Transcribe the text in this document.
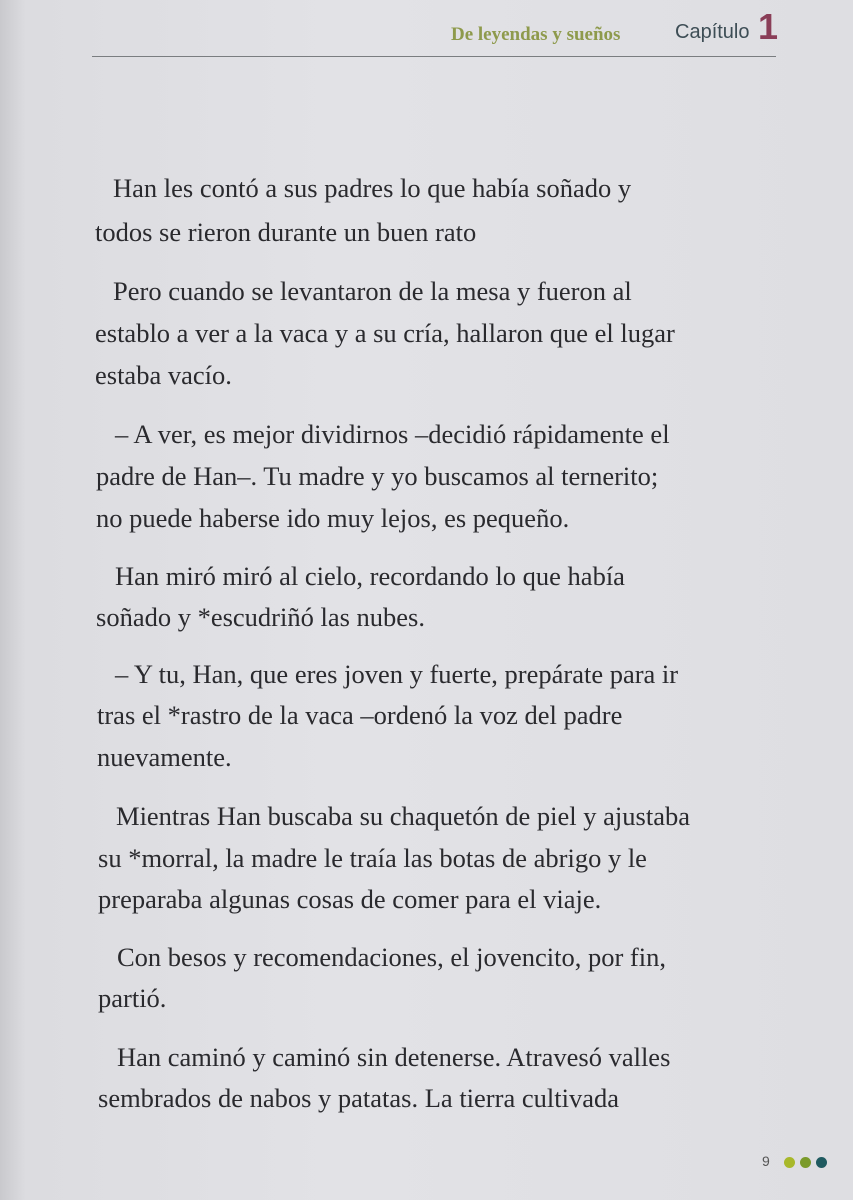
De leyendas y sueños	Capítulo 1
Han les contó a sus padres lo que había soñado y
todos se rieron durante un buen rato
Pero cuando se levantaron de la mesa y fueron al
establo a ver a la vaca y a su cría, hallaron que el lugar
estaba vacío.
– A ver, es mejor dividirnos –decidió rápidamente el
padre de Han–. Tu madre y yo buscamos al ternerito;
no puede haberse ido muy lejos, es pequeño.
Han miró miró al cielo, recordando lo que había
soñado y *escudriñó las nubes.
– Y tu, Han, que eres joven y fuerte, prepárate para ir
tras el *rastro de la vaca –ordenó la voz del padre
nuevamente.
Mientras Han buscaba su chaquetón de piel y ajustaba
su *morral, la madre le traía las botas de abrigo y le
preparaba algunas cosas de comer para el viaje.
Con besos y recomendaciones, el jovencito, por fin,
partió.
Han caminó y caminó sin detenerse. Atravesó valles
sembrados de nabos y patatas. La tierra cultivada
9
